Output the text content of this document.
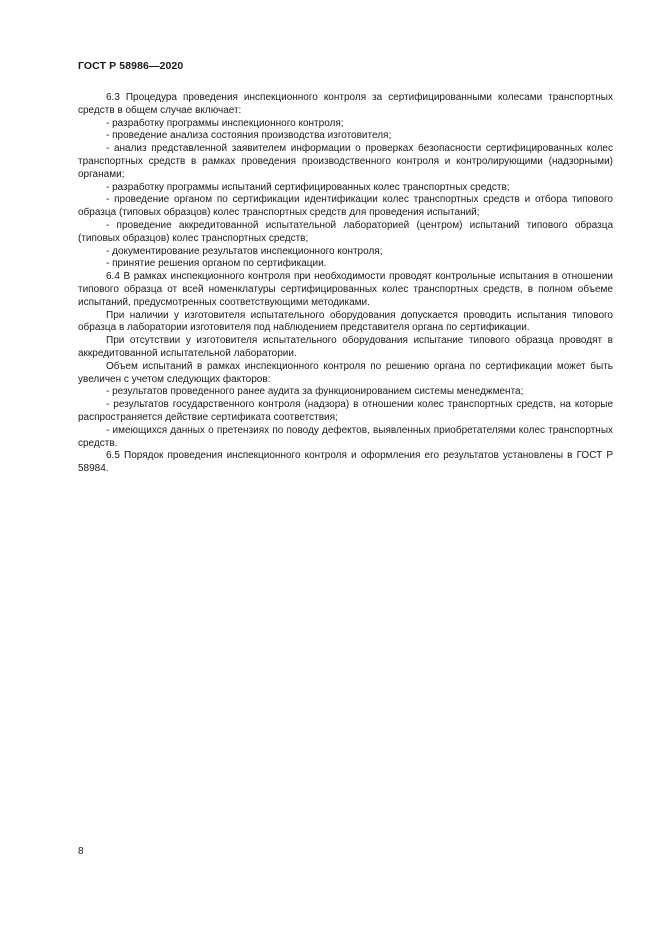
ГОСТ Р 58986—2020

6.3 Процедура проведения инспекционного контроля за сертифицированными колесами транспортных средств в общем случае включает:

- разработку программы инспекционного контроля;

- проведение анализа состояния производства изготовителя;

- анализ представленной заявителем информации о проверках безопасности сертифицированных колес транспортных средств в рамках проведения производственного контроля и контролирующими (надзорными) органами;

- разработку программы испытаний сертифицированных колес транспортных средств;

- проведение органом по сертификации идентификации колес транспортных средств и отбора типового образца (типовых образцов) колес транспортных средств для проведения испытаний;

- проведение аккредитованной испытательной лабораторией (центром) испытаний типового образца (типовых образцов) колес транспортных средств;

- документирование результатов инспекционного контроля;

- принятие решения органом по сертификации.

6.4 В рамках инспекционного контроля при необходимости проводят контрольные испытания в отношении типового образца от всей номенклатуры сертифицированных колес транспортных средств, в полном объеме испытаний, предусмотренных соответствующими методиками.

При наличии у изготовителя испытательного оборудования допускается проводить испытания типового образца в лаборатории изготовителя под наблюдением представителя органа по сертификации.

При отсутствии у изготовителя испытательного оборудования испытание типового образца проводят в аккредитованной испытательной лаборатории.

Объем испытаний в рамках инспекционного контроля по решению органа по сертификации может быть увеличен с учетом следующих факторов:

- результатов проведенного ранее аудита за функционированием системы менеджмента;

- результатов государственного контроля (надзора) в отношении колес транспортных средств, на которые распространяется действие сертификата соответствия;

- имеющихся данных о претензиях по поводу дефектов, выявленных приобретателями колес транспортных средств.

6.5 Порядок проведения инспекционного контроля и оформления его результатов установлены в ГОСТ Р 58984.

8
